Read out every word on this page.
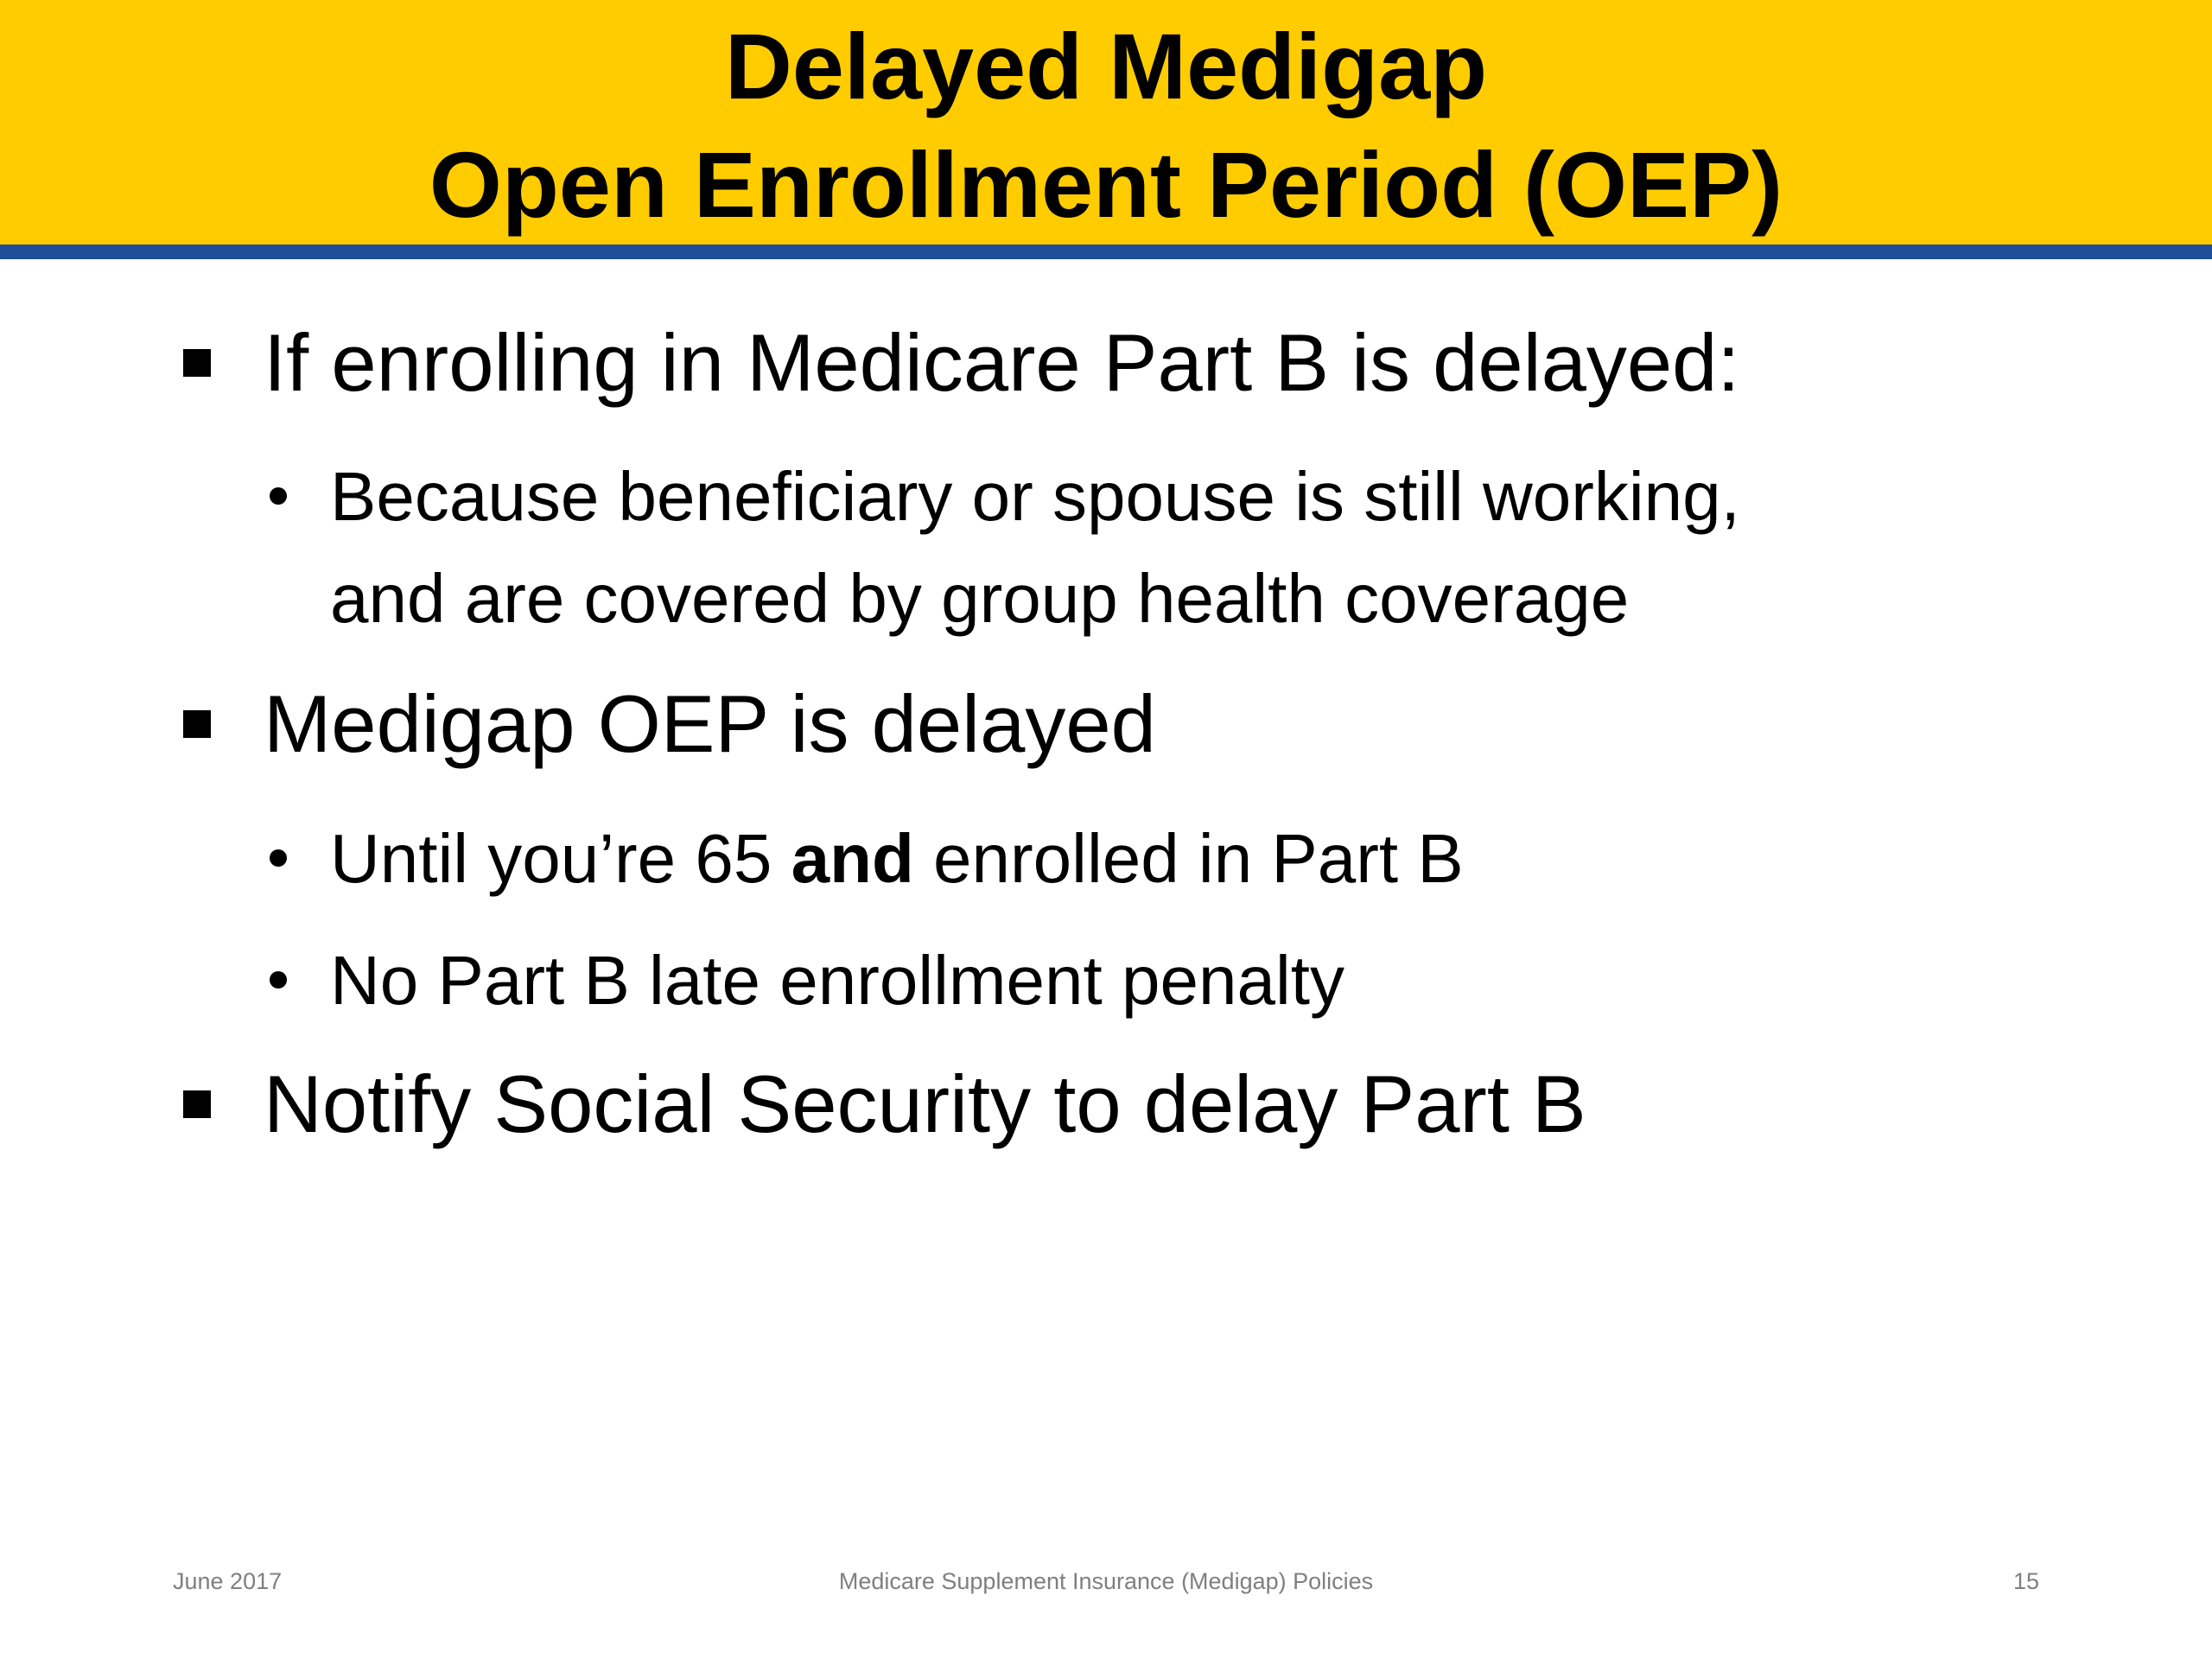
Delayed Medigap
Open Enrollment Period (OEP)
If enrolling in Medicare Part B is delayed:
Because beneficiary or spouse is still working,
and are covered by group health coverage
Medigap OEP is delayed
Until you’re 65 and enrolled in Part B
No Part B late enrollment penalty
Notify Social Security to delay Part B
June 2017	Medicare Supplement Insurance (Medigap) Policies	15
